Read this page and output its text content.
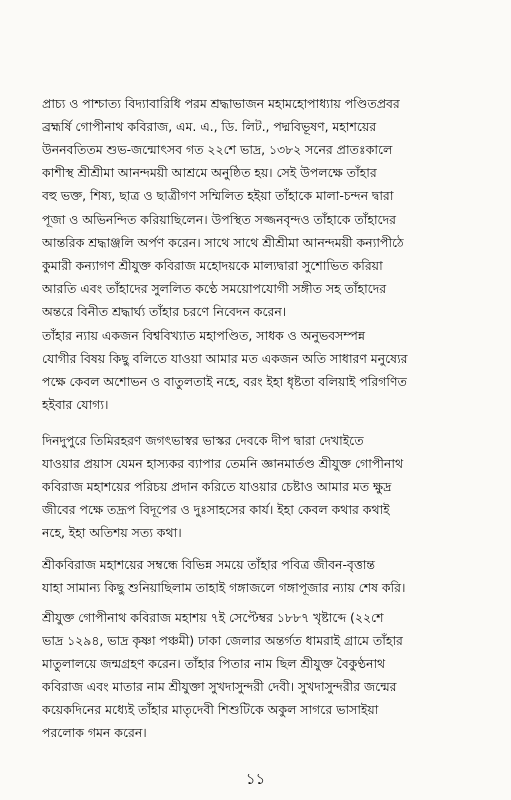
প্রাচ্য ও পাশ্চাত্য বিদ্যাবারিধি পরম শ্রদ্ধাভাজন মহামহোপাধ্যায় পণ্ডিতপ্রবর
ব্রহ্মর্ষি গোপীনাথ কবিরাজ, এম. এ., ডি. লিট., পদ্মবিভূষণ, মহাশয়ের
উননবতিতম শুভ-জন্মোৎসব গত ২২শে ভাদ্র, ১৩৮২ সনের প্রাতঃকালে
কাশীস্থ শ্রীশ্রীমা আনন্দময়ী আশ্রমে অনুষ্ঠিত হয়। সেই উপলক্ষে তাঁহার
বহু ভক্ত, শিষ্য, ছাত্র ও ছাত্রীগণ সম্মিলিত হইয়া তাঁহাকে মালা-চন্দন দ্বারা
পূজা ও অভিনন্দিত করিয়াছিলেন। উপস্থিত সজ্জনবৃন্দও তাঁহাকে তাঁহাদের
আন্তরিক শ্রদ্ধাঞ্জলি অর্পণ করেন। সাথে সাথে শ্রীশ্রীমা আনন্দময়ী কন্যাপীঠে
কুমারী কন্যাগণ শ্রীযুক্ত কবিরাজ মহোদয়কে মাল্যদ্বারা সুশোভিত করিয়া
আরতি এবং তাঁহাদের সুললিত কণ্ঠে সময়োপযোগী সঙ্গীত সহ তাঁহাদের
অন্তরে বিনীত শ্রদ্ধার্ঘ্য তাঁহার চরণে নিবেদন করেন।
তাঁহার ন্যায় একজন বিশ্ববিখ্যাত মহাপণ্ডিত, সাধক ও অনুভবসম্পন্ন
যোগীর বিষয় কিছু বলিতে যাওয়া আমার মত একজন অতি সাধারণ মনুষ্যের
পক্ষে কেবল অশোভন ও বাতুলতাই নহে, বরং ইহা ধৃষ্টতা বলিয়াই পরিগণিত
হইবার যোগ্য।
দিনদুপুরে তিমিরহরণ জগৎভাস্বর ভাস্কর দেবকে দীপ দ্বারা দেখাইতে
যাওয়ার প্রয়াস যেমন হাস্যকর ব্যাপার তেমনি জ্ঞানমার্তণ্ড শ্রীযুক্ত গোপীনাথ
কবিরাজ মহাশয়ের পরিচয় প্রদান করিতে যাওয়ার চেষ্টাও আমার মত ক্ষুদ্র
জীবের পক্ষে তদ্রূপ বিদূপের ও দুঃসাহসের কার্য। ইহা কেবল কথার কথাই
নহে, ইহা অতিশয় সত্য কথা।
শ্রীকবিরাজ মহাশয়ের সম্বন্ধে বিভিন্ন সময়ে তাঁহার পবিত্র জীবন-বৃত্তান্ত
যাহা সামান্য কিছু শুনিয়াছিলাম তাহাই গঙ্গাজলে গঙ্গাপূজার ন্যায় শেষ করি।
শ্রীযুক্ত গোপীনাথ কবিরাজ মহাশয় ৭ই সেপ্টেম্বর ১৮৮৭ খৃষ্টাব্দে (২২শে
ভাদ্র ১২৯৪, ভাদ্র কৃষ্ণা পঞ্চমী) ঢাকা জেলার অন্তর্গত ধামরাই গ্রামে তাঁহার
মাতুলালয়ে জন্মগ্রহণ করেন। তাঁহার পিতার নাম ছিল শ্রীযুক্ত বৈকুণ্ঠনাথ
কবিরাজ এবং মাতার নাম শ্রীযুক্তা সুখদাসুন্দরী দেবী। সুখদাসুন্দরীর জন্মের
কয়েকদিনের মধ্যেই তাঁহার মাতৃদেবী শিশুটিকে অকুল সাগরে ভাসাইয়া
পরলোক গমন করেন।
১১
